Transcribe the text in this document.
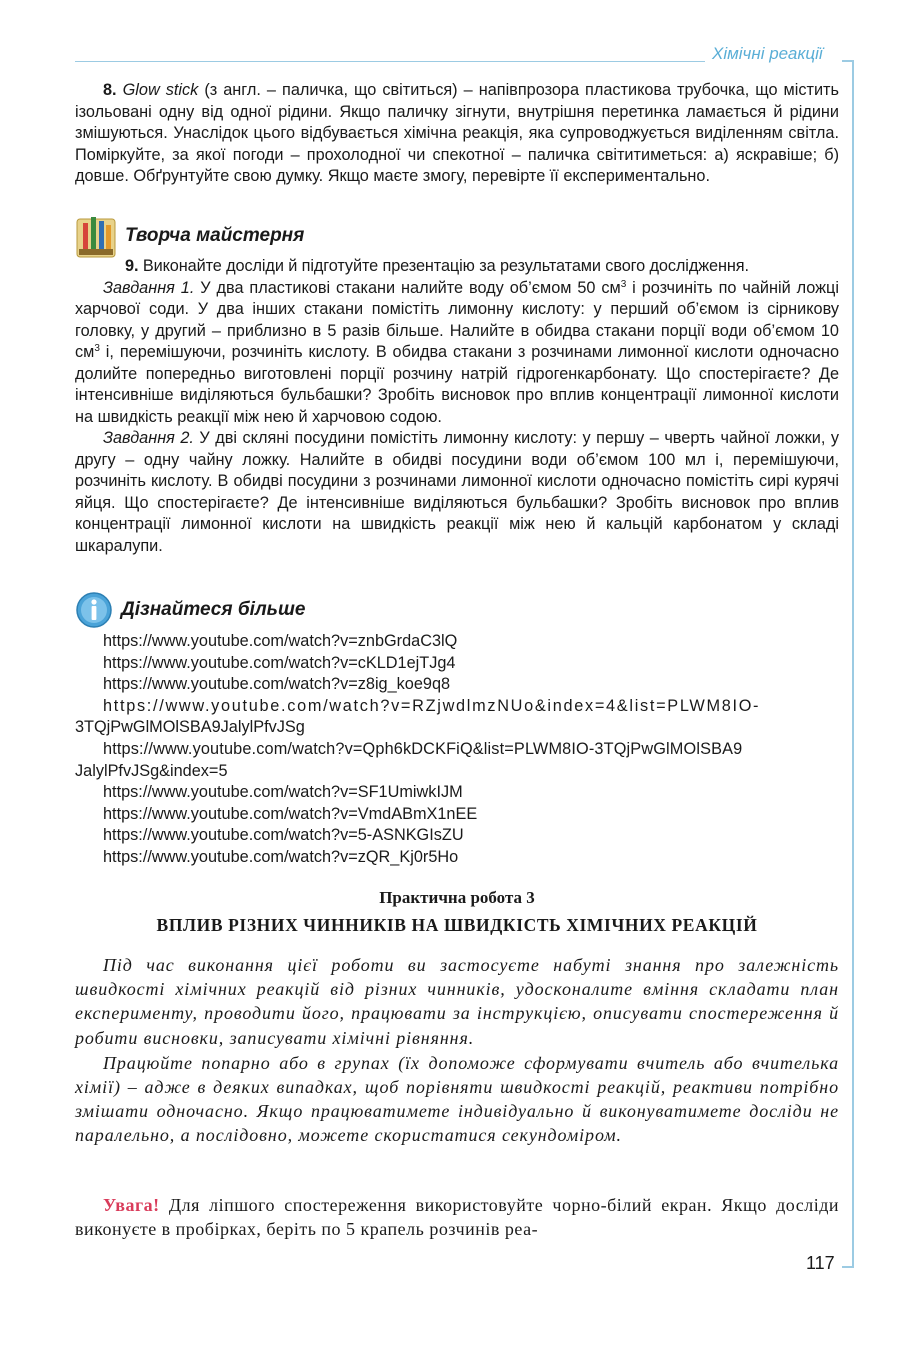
Хімічні реакції

8. Glow stick (з англ. – паличка, що світиться) – напівпрозора пластикова трубочка, що містить ізольовані одну від одної рідини. Якщо паличку зігнути, внутрішня перетинка ламається й рідини змішуються. Унаслідок цього відбувається хімічна реакція, яка супроводжується виділенням світла. Поміркуйте, за якої погоди – прохолодної чи спекотної – паличка світитиметься: а) яскравіше; б) довше. Обґрунтуйте свою думку. Якщо маєте змогу, перевірте її експериментально.

Творча майстерня

9. Виконайте досліди й підготуйте презентацію за результатами свого дослідження.

Завдання 1. У два пластикові стакани налийте воду об’ємом 50 $см^3$ і розчиніть по чайній ложці харчової соди. У два інших стакани помістіть лимонну кислоту: у перший об’ємом із сірникову головку, у другий – приблизно в 5 разів більше. Налийте в обидва стакани порції води об’ємом 10 $см^3$ і, перемішуючи, розчиніть кислоту. В обидва стакани з розчинами лимонної кислоти одночасно долийте попередньо виготовлені порції розчину натрій гідрогенкарбонату. Що спостерігаєте? Де інтенсивніше виділяються бульбашки? Зробіть висновок про вплив концентрації лимонної кислоти на швидкість реакції між нею й харчовою содою.

Завдання 2. У дві скляні посудини помістіть лимонну кислоту: у першу – чверть чайної ложки, у другу – одну чайну ложку. Налийте в обидві посудини води об’ємом 100 мл і, перемішуючи, розчиніть кислоту. В обидві посудини з розчинами лимонної кислоти одночасно помістіть сирі курячі яйця. Що спостерігаєте? Де інтенсивніше виділяються бульбашки? Зробіть висновок про вплив концентрації лимонної кислоти на швидкість реакції між нею й кальцій карбонатом у складі шкаралупи.

Дізнайтеся більше
https://www.youtube.com/watch?v=znbGrdaC3lQ
https://www.youtube.com/watch?v=cKLD1ejTJg4
https://www.youtube.com/watch?v=z8ig_koe9q8
https://www.youtube.com/watch?v=RZjwdlmzNUo&index=4&list=PLWM8IO-
3TQjPwGlMOlSBA9JalylPfvJSg
https://www.youtube.com/watch?v=Qph6kDCKFiQ&list=PLWM8IO-3TQjPwGlMOlSBA9
JalylPfvJSg&index=5
https://www.youtube.com/watch?v=SF1UmiwkIJM
https://www.youtube.com/watch?v=VmdABmX1nEE
https://www.youtube.com/watch?v=5-ASNKGIsZU
https://www.youtube.com/watch?v=zQR_Kj0r5Ho
Практична робота 3
ВПЛИВ РІЗНИХ ЧИННИКІВ НА ШВИДКІСТЬ ХІМІЧНИХ РЕАКЦІЙ

Під час виконання цієї роботи ви застосуєте набуті знання про залежність швидкості хімічних реакцій від різних чинників, удосконалите вміння складати план експерименту, проводити його, працювати за інструкцією, описувати спостереження й робити висновки, записувати хімічні рівняння.

Працюйте попарно або в групах (їх допоможе сформувати вчитель або вчителька хімії) – адже в деяких випадках, щоб порівняти швидкості реакцій, реактиви потрібно змішати одночасно. Якщо працюватимете індивідуально й виконуватимете досліди не паралельно, а послідовно, можете скористатися секундоміром.

Увага! Для ліпшого спостереження використовуйте чорно-білий екран. Якщо досліди виконуєте в пробірках, беріть по 5 крапель розчинів реа-

117
